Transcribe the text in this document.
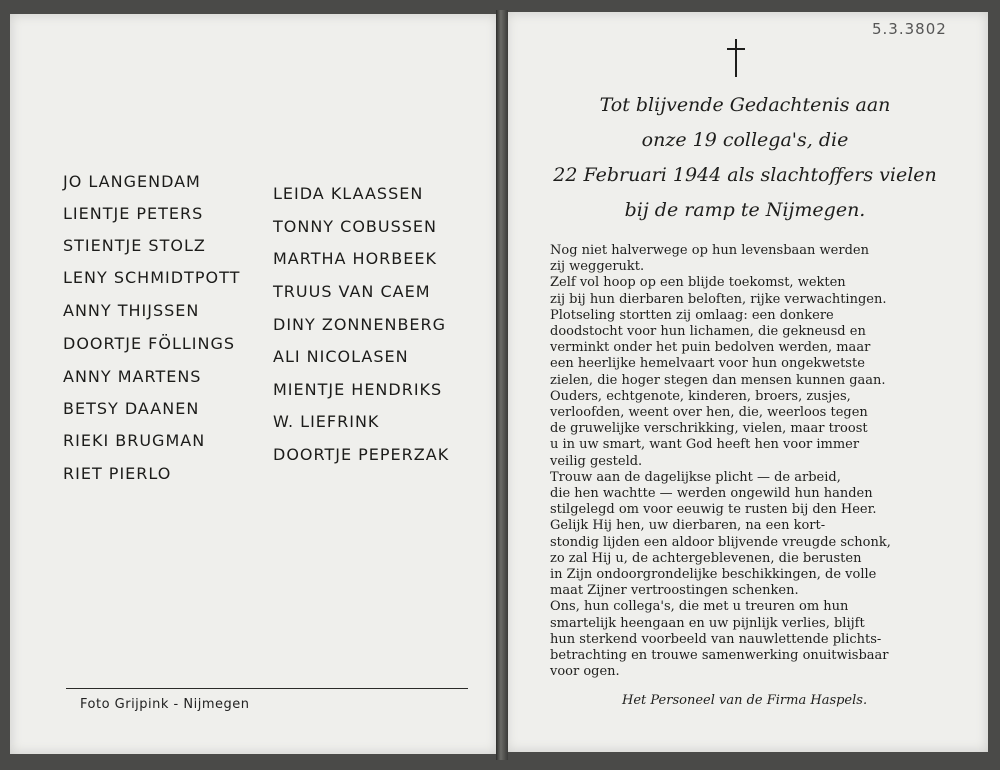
JO LANGENDAM
LIENTJE PETERS
STIENTJE STOLZ
LENY SCHMIDTPOTT
ANNY THIJSSEN
DOORTJE FÖLLINGS
ANNY MARTENS
BETSY DAANEN
RIEKI BRUGMAN
RIET PIERLO
LEIDA KLAASSEN
TONNY COBUSSEN
MARTHA HORBEEK
TRUUS VAN CAEM
DINY ZONNENBERG
ALI NICOLASEN
MIENTJE HENDRIKS
W. LIEFRINK
DOORTJE PEPERZAK
Foto Grijpink - Nijmegen
5.3.3802
Tot blijvende Gedachtenis aan
onze 19 collega's, die
22 Februari 1944 als slachtoffers vielen
bij de ramp te Nijmegen.
Nog niet halverwege op hun levensbaan werden
zij weggerukt.
Zelf vol hoop op een blijde toekomst, wekten
zij bij hun dierbaren beloften, rijke verwachtingen.
Plotseling stortten zij omlaag: een donkere
doodstocht voor hun lichamen, die gekneusd en
verminkt onder het puin bedolven werden, maar
een heerlijke hemelvaart voor hun ongekwetste
zielen, die hoger stegen dan mensen kunnen gaan.
Ouders, echtgenote, kinderen, broers, zusjes,
verloofden, weent over hen, die, weerloos tegen
de gruwelijke verschrikking, vielen, maar troost
u in uw smart, want God heeft hen voor immer
veilig gesteld.
Trouw aan de dagelijkse plicht — de arbeid,
die hen wachtte — werden ongewild hun handen
stilgelegd om voor eeuwig te rusten bij den Heer.
Gelijk Hij hen, uw dierbaren, na een kort-
stondig lijden een aldoor blijvende vreugde schonk,
zo zal Hij u, de achtergeblevenen, die berusten
in Zijn ondoorgrondelijke beschikkingen, de volle
maat Zijner vertroostingen schenken.
Ons, hun collega's, die met u treuren om hun
smartelijk heengaan en uw pijnlijk verlies, blijft
hun sterkend voorbeeld van nauwlettende plichts-
betrachting en trouwe samenwerking onuitwisbaar
voor ogen.
Het Personeel van de Firma Haspels.
